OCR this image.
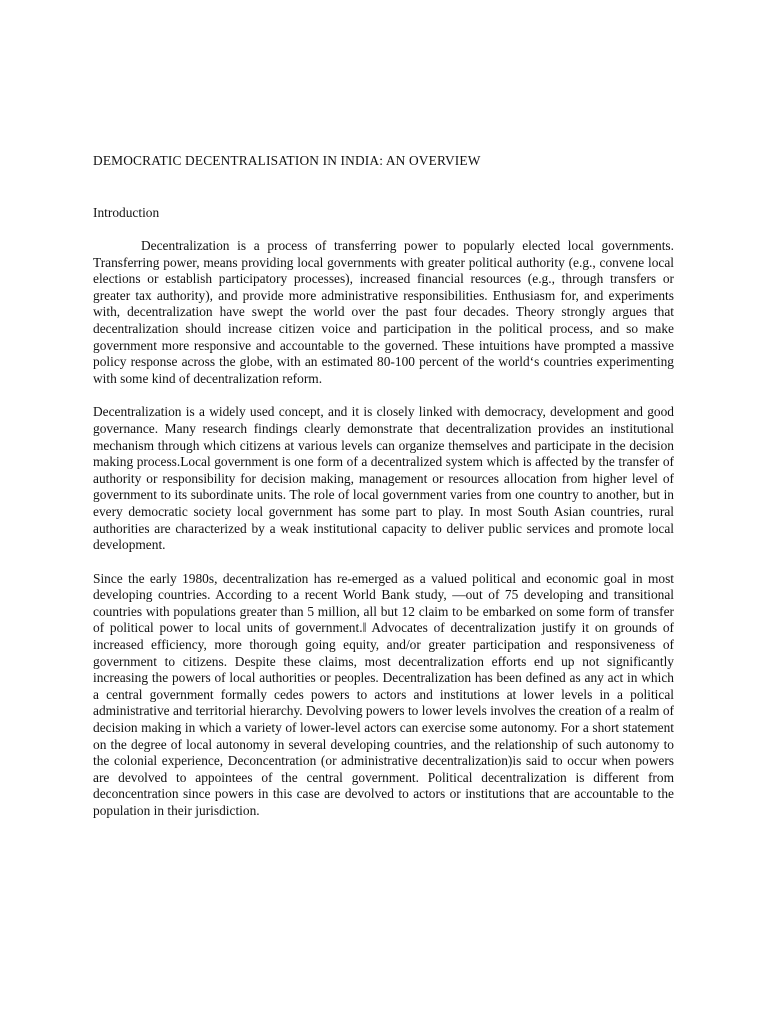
DEMOCRATIC DECENTRALISATION IN INDIA: AN OVERVIEW
Introduction

Decentralization is a process of transferring power to popularly elected local governments. Transferring power, means providing local governments with greater political authority (e.g., convene local elections or establish participatory processes), increased financial resources (e.g., through transfers or greater tax authority), and provide more administrative responsibilities. Enthusiasm for, and experiments with, decentralization have swept the world over the past four decades. Theory strongly argues that decentralization should increase citizen voice and participation in the political process, and so make government more responsive and accountable to the governed. These intuitions have prompted a massive policy response across the globe, with an estimated 80-100 percent of the world‘s countries experimenting with some kind of decentralization reform.

Decentralization is a widely used concept, and it is closely linked with democracy, development and good governance. Many research findings clearly demonstrate that decentralization provides an institutional mechanism through which citizens at various levels can organize themselves and participate in the decision making process.Local government is one form of a decentralized system which is affected by the transfer of authority or responsibility for decision making, management or resources allocation from higher level of government to its subordinate units. The role of local government varies from one country to another, but in every democratic society local government has some part to play. In most South Asian countries, rural authorities are characterized by a weak institutional capacity to deliver public services and promote local development.

Since the early 1980s, decentralization has re-emerged as a valued political and economic goal in most developing countries. According to a recent World Bank study, ―out of 75 developing and transitional countries with populations greater than 5 million, all but 12 claim to be embarked on some form of transfer of political power to local units of government.‖ Advocates of decentralization justify it on grounds of increased efficiency, more thorough going equity, and/or greater participation and responsiveness of government to citizens. Despite these claims, most decentralization efforts end up not significantly increasing the powers of local authorities or peoples. Decentralization has been defined as any act in which a central government formally cedes powers to actors and institutions at lower levels in a political administrative and territorial hierarchy. Devolving powers to lower levels involves the creation of a realm of decision making in which a variety of lower-level actors can exercise some autonomy. For a short statement on the degree of local autonomy in several developing countries, and the relationship of such autonomy to the colonial experience, Deconcentration (or administrative decentralization)is said to occur when powers are devolved to appointees of the central government. Political decentralization is different from deconcentration since powers in this case are devolved to actors or institutions that are accountable to the population in their jurisdiction.
